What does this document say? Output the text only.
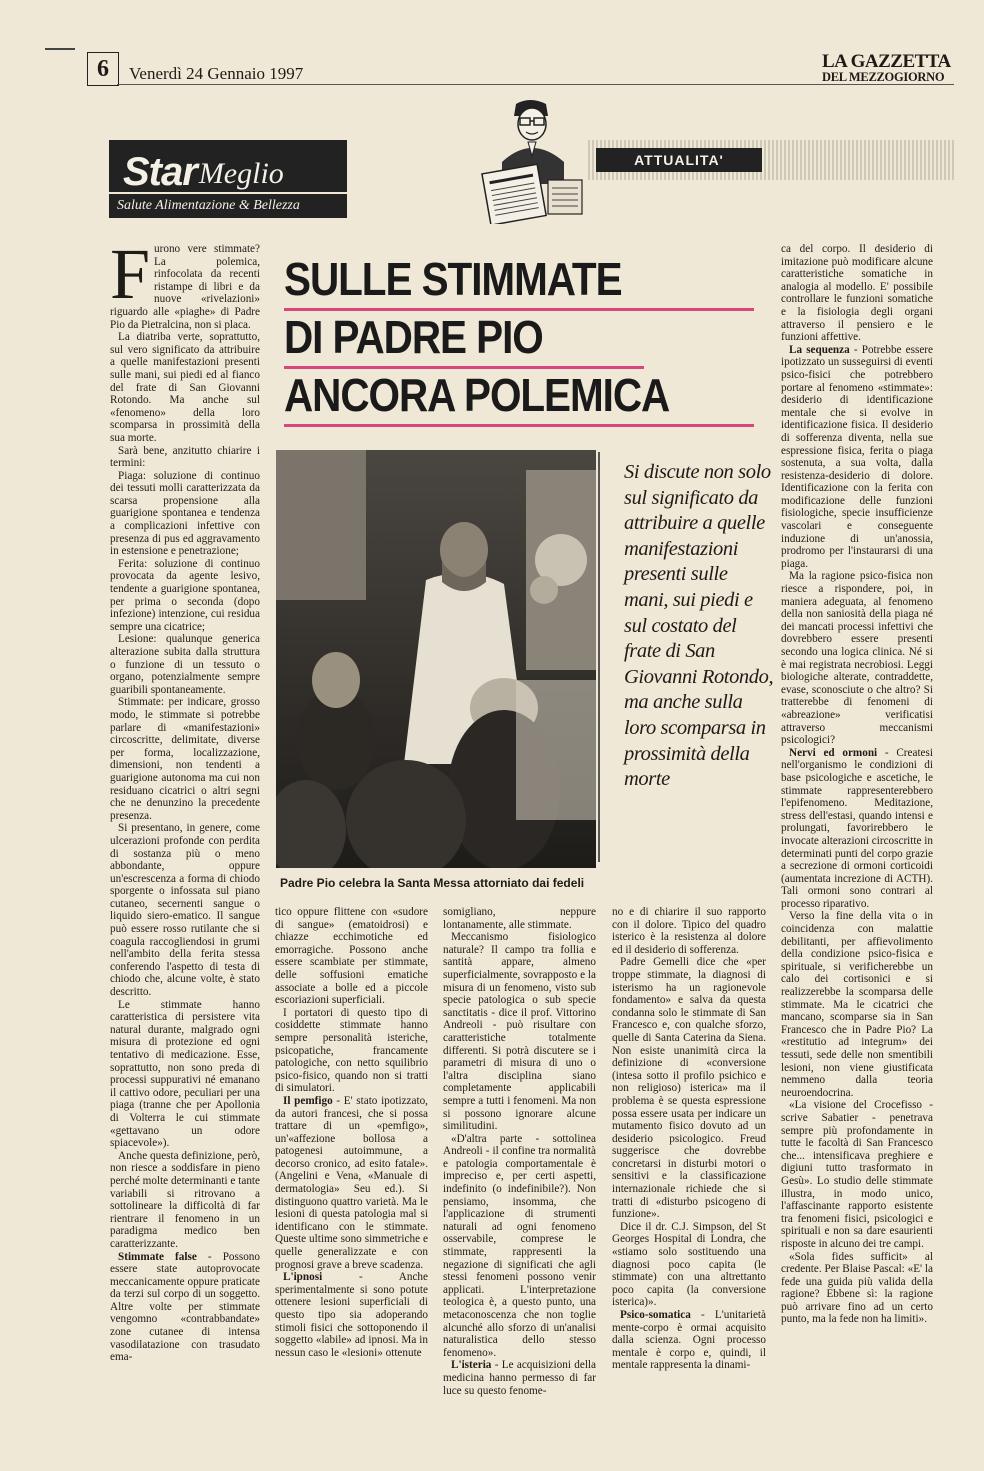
6	Venerdì 24 Gennaio 1997
LA GAZZETTA
DEL MEZZOGIORNO
Star Meglio
Salute Alimentazione & Bellezza
ATTUALITA'
SULLE STIMMATE
DI PADRE PIO
ANCORA POLEMICA
Padre Pio celebra la Santa Messa attorniato dai fedeli
Si discute non solo sul significato da attribuire a quelle manifestazioni presenti sulle mani, sui piedi e sul costato del frate di San Giovanni Rotondo, ma anche sulla loro scomparsa in prossimità della morte

Furono vere stimmate? La polemica, rinfocolata da recenti ristampe di libri e da nuove «rivelazioni» riguardo alle «piaghe» di Padre Pio da Pietralcina, non si placa.

La diatriba verte, soprattutto, sul vero significato da attribuire a quelle manifestazioni presenti sulle mani, sui piedi ed al fianco del frate di San Giovanni Rotondo. Ma anche sul «fenomeno» della loro scomparsa in prossimità della sua morte.

Sarà bene, anzitutto chiarire i termini:

Piaga: soluzione di continuo dei tessuti molli caratterizzata da scarsa propensione alla guarigione spontanea e tendenza a complicazioni infettive con presenza di pus ed aggravamento in estensione e penetrazione;

Ferita: soluzione di continuo provocata da agente lesivo, tendente a guarigione spontanea, per prima o seconda (dopo infezione) intenzione, cui residua sempre una cicatrice;

Lesione: qualunque generica alterazione subita dalla struttura o funzione di un tessuto o organo, potenzialmente sempre guaribili spontaneamente.

Stimmate: per indicare, grosso modo, le stimmate si potrebbe parlare di «manifestazioni» circoscritte, delimitate, diverse per forma, localizzazione, dimensioni, non tendenti a guarigione autonoma ma cui non residuano cicatrici o altri segni che ne denunzino la precedente presenza.

Si presentano, in genere, come ulcerazioni profonde con perdita di sostanza più o meno abbondante, oppure un'escrescenza a forma di chiodo sporgente o infossata sul piano cutaneo, secernenti sangue o liquido siero-ematico. Il sangue può essere rosso rutilante che si coagula raccogliendosi in grumi nell'ambito della ferita stessa conferendo l'aspetto di testa di chiodo che, alcune volte, è stato descritto.

Le stimmate hanno caratteristica di persistere vita natural durante, malgrado ogni misura di protezione ed ogni tentativo di medicazione. Esse, soprattutto, non sono preda di processi suppurativi né emanano il cattivo odore, peculiari per una piaga (tranne che per Apollonia di Volterra le cui stimmate «gettavano un odore spiacevole»).

Anche questa definizione, però, non riesce a soddisfare in pieno perché molte determinanti e tante variabili si ritrovano a sottolineare la difficoltà di far rientrare il fenomeno in un paradigma medico ben caratterizzante.

Stimmate false - Possono essere state autoprovocate meccanicamente oppure praticate da terzi sul corpo di un soggetto. Altre volte per stimmate vengomno «contrabbandate» zone cutanee di intensa vasodilatazione con trasudato ema-

tico oppure flittene con «sudore di sangue» (ematoidrosi) e chiazze ecchimotiche ed emorragiche. Possono anche essere scambiate per stimmate, delle soffusioni ematiche associate a bolle ed a piccole escoriazioni superficiali.

I portatori di questo tipo di cosiddette stimmate hanno sempre personalità isteriche, psicopatiche, francamente patologiche, con netto squilibrio psico-fisico, quando non si tratti di simulatori.

Il pemfigo - E' stato ipotizzato, da autori francesi, che si possa trattare di un «pemfigo», un'«affezione bollosa a patogenesi autoimmune, a decorso cronico, ad esito fatale». (Angelini e Vena, «Manuale di dermatologia» Seu ed.). Si distinguono quattro varietà. Ma le lesioni di questa patologia mal si identificano con le stimmate. Queste ultime sono simmetriche e quelle generalizzate e con prognosi grave a breve scadenza.

L'ipnosi - Anche sperimentalmente si sono potute ottenere lesioni superficiali di questo tipo sia adoperando stimoli fisici che sottoponendo il soggetto «labile» ad ipnosi. Ma in nessun caso le «lesioni» ottenute

somigliano, neppure lontanamente, alle stimmate.

Meccanismo fisiologico naturale? Il campo tra follia e santità appare, almeno superficialmente, sovrapposto e la misura di un fenomeno, visto sub specie patologica o sub specie sanctitatis - dice il prof. Vittorino Andreoli - può risultare con caratteristiche totalmente differenti. Si potrà discutere se i parametri di misura di uno o l'altra disciplina siano completamente applicabili sempre a tutti i fenomeni. Ma non si possono ignorare alcune similitudini.

«D'altra parte - sottolinea Andreoli - il confine tra normalità e patologia comportamentale è impreciso e, per certi aspetti, indefinito (o indefinibile?). Non pensiamo, insomma, che l'applicazione di strumenti naturali ad ogni fenomeno osservabile, comprese le stimmate, rappresenti la negazione di significati che agli stessi fenomeni possono venir applicati. L'interpretazione teologica è, a questo punto, una metaconoscenza che non toglie alcunché allo sforzo di un'analisi naturalistica dello stesso fenomeno».

L'isteria - Le acquisizioni della medicina hanno permesso di far luce su questo fenome-

no e di chiarire il suo rapporto con il dolore. Tipico del quadro isterico è la resistenza al dolore ed il desiderio di sofferenza.

Padre Gemelli dice che «per troppe stimmate, la diagnosi di isterismo ha un ragionevole fondamento» e salva da questa condanna solo le stimmate di San Francesco e, con qualche sforzo, quelle di Santa Caterina da Siena. Non esiste unanimità circa la definizione di «conversione (intesa sotto il profilo psichico e non religioso) isterica» ma il problema è se questa espressione possa essere usata per indicare un mutamento fisico dovuto ad un desiderio psicologico. Freud suggerisce che dovrebbe concretarsi in disturbi motori o sensitivi e la classificazione internazionale richiede che si tratti di «disturbo psicogeno di funzione».

Dice il dr. C.J. Simpson, del St Georges Hospital di Londra, che «stiamo solo sostituendo una diagnosi poco capita (le stimmate) con una altrettanto poco capita (la conversione isterica)».

Psico-somatica - L'unitarietà mente-corpo è ormai acquisito dalla scienza. Ogni processo mentale è corpo e, quindi, il mentale rappresenta la dinami-

ca del corpo. Il desiderio di imitazione può modificare alcune caratteristiche somatiche in analogia al modello. E' possibile controllare le funzioni somatiche e la fisiologia degli organi attraverso il pensiero e le funzioni affettive.

La sequenza - Potrebbe essere ipotizzato un susseguirsi di eventi psico-fisici che potrebbero portare al fenomeno «stimmate»: desiderio di identificazione mentale che si evolve in identificazione fisica. Il desiderio di sofferenza diventa, nella sue espressione fisica, ferita o piaga sostenuta, a sua volta, dalla resistenza-desiderio di dolore. Identificazione con la ferita con modificazione delle funzioni fisiologiche, specie insufficienze vascolari e conseguente induzione di un'anossia, prodromo per l'instaurarsi di una piaga.

Ma la ragione psico-fisica non riesce a rispondere, poi, in maniera adeguata, al fenomeno della non saniosità della piaga né dei mancati processi infettivi che dovrebbero essere presenti secondo una logica clinica. Né si è mai registrata necrobiosi. Leggi biologiche alterate, contraddette, evase, sconosciute o che altro? Si tratterebbe di fenomeni di «abreazione» verificatisi attraverso meccanismi psicologici?

Nervi ed ormoni - Createsi nell'organismo le condizioni di base psicologiche e ascetiche, le stimmate rappresenterebbero l'epifenomeno. Meditazione, stress dell'estasi, quando intensi e prolungati, favorirebbero le invocate alterazioni circoscritte in determinati punti del corpo grazie a secrezione di ormoni corticoidi (aumentata increzione di ACTH). Tali ormoni sono contrari al processo riparativo.

Verso la fine della vita o in coincidenza con malattie debilitanti, per affievolimento della condizione psico-fisica e spirituale, si verificherebbe un calo dei cortisonici e si realizzerebbe la scomparsa delle stimmate. Ma le cicatrici che mancano, scomparse sia in San Francesco che in Padre Pio? La «restitutio ad integrum» dei tessuti, sede delle non smentibili lesioni, non viene giustificata nemmeno dalla teoria neuroendocrina.

«La visione del Crocefisso - scrive Sabatier - penetrava sempre più profondamente in tutte le facoltà di San Francesco che... intensificava preghiere e digiuni tutto trasformato in Gesù». Lo studio delle stimmate illustra, in modo unico, l'affascinante rapporto esistente tra fenomeni fisici, psicologici e spirituali e non sa dare esaurienti risposte in alcuno dei tre campi.

«Sola fides sufficit» al credente. Per Blaise Pascal: «E' la fede una guida più valida della ragione? Ebbene sì: la ragione può arrivare fino ad un certo punto, ma la fede non ha limiti».
